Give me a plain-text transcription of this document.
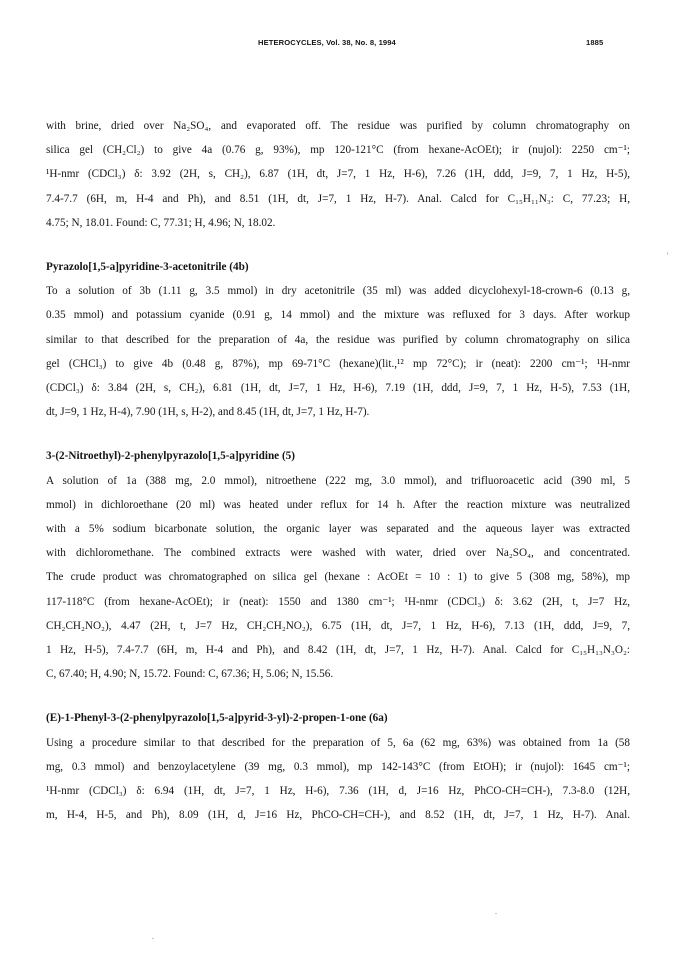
HETEROCYCLES, Vol. 38, No. 8, 1994	1885
with brine, dried over Na₂SO₄, and evaporated off. The residue was purified by column chromatography on
silica gel (CH₂Cl₂) to give 4a (0.76 g, 93%), mp 120-121°C (from hexane-AcOEt); ir (nujol): 2250 cm⁻¹;
¹H-nmr (CDCl₃) δ: 3.92 (2H, s, CH₂), 6.87 (1H, dt, J=7, 1 Hz, H-6), 7.26 (1H, ddd, J=9, 7, 1 Hz, H-5),
7.4-7.7 (6H, m, H-4 and Ph), and 8.51 (1H, dt, J=7, 1 Hz, H-7). Anal. Calcd for C₁₅H₁₁N₃: C, 77.23; H,
4.75; N, 18.01. Found: C, 77.31; H, 4.96; N, 18.02.
Pyrazolo[1,5-a]pyridine-3-acetonitrile (4b)
To a solution of 3b (1.11 g, 3.5 mmol) in dry acetonitrile (35 ml) was added dicyclohexyl-18-crown-6 (0.13 g,
0.35 mmol) and potassium cyanide (0.91 g, 14 mmol) and the mixture was refluxed for 3 days. After workup
similar to that described for the preparation of 4a, the residue was purified by column chromatography on silica
gel (CHCl₃) to give 4b (0.48 g, 87%), mp 69-71°C (hexane)(lit.,¹² mp 72°C); ir (neat): 2200 cm⁻¹; ¹H-nmr
(CDCl₃) δ: 3.84 (2H, s, CH₂), 6.81 (1H, dt, J=7, 1 Hz, H-6), 7.19 (1H, ddd, J=9, 7, 1 Hz, H-5), 7.53 (1H,
dt, J=9, 1 Hz, H-4), 7.90 (1H, s, H-2), and 8.45 (1H, dt, J=7, 1 Hz, H-7).
3-(2-Nitroethyl)-2-phenylpyrazolo[1,5-a]pyridine (5)
A solution of 1a (388 mg, 2.0 mmol), nitroethene (222 mg, 3.0 mmol), and trifluoroacetic acid (390 ml, 5
mmol) in dichloroethane (20 ml) was heated under reflux for 14 h. After the reaction mixture was neutralized
with a 5% sodium bicarbonate solution, the organic layer was separated and the aqueous layer was extracted
with dichloromethane. The combined extracts were washed with water, dried over Na₂SO₄, and concentrated.
The crude product was chromatographed on silica gel (hexane : AcOEt = 10 : 1) to give 5 (308 mg, 58%), mp
117-118°C (from hexane-AcOEt); ir (neat): 1550 and 1380 cm⁻¹; ¹H-nmr (CDCl₃) δ: 3.62 (2H, t, J=7 Hz,
CH₂CH₂NO₂), 4.47 (2H, t, J=7 Hz, CH₂CH₂NO₂), 6.75 (1H, dt, J=7, 1 Hz, H-6), 7.13 (1H, ddd, J=9, 7,
1 Hz, H-5), 7.4-7.7 (6H, m, H-4 and Ph), and 8.42 (1H, dt, J=7, 1 Hz, H-7). Anal. Calcd for C₁₅H₁₃N₃O₂:
C, 67.40; H, 4.90; N, 15.72. Found: C, 67.36; H, 5.06; N, 15.56.
(E)-1-Phenyl-3-(2-phenylpyrazolo[1,5-a]pyrid-3-yl)-2-propen-1-one (6a)
Using a procedure similar to that described for the preparation of 5, 6a (62 mg, 63%) was obtained from 1a (58
mg, 0.3 mmol) and benzoylacetylene (39 mg, 0.3 mmol), mp 142-143°C (from EtOH); ir (nujol): 1645 cm⁻¹;
¹H-nmr (CDCl₃) δ: 6.94 (1H, dt, J=7, 1 Hz, H-6), 7.36 (1H, d, J=16 Hz, PhCO-CH=CH-), 7.3-8.0 (12H,
m, H-4, H-5, and Ph), 8.09 (1H, d, J=16 Hz, PhCO-CH=CH-), and 8.52 (1H, dt, J=7, 1 Hz, H-7). Anal.
